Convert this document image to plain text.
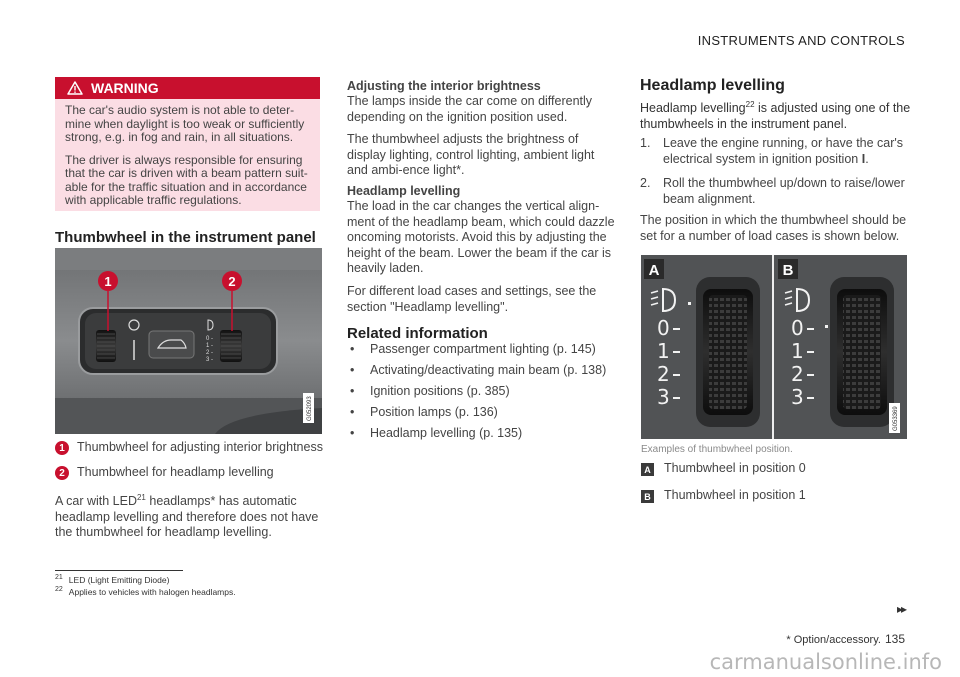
INSTRUMENTS AND CONTROLS
WARNING

The car's audio system is not able to deter-mine when daylight is too weak or sufficiently strong, e.g. in fog and rain, in all situations.

The driver is always responsible for ensuring that the car is driven with a beam pattern suit-able for the traffic situation and in accordance with applicable traffic regulations.

Thumbwheel in the instrument panel
0 -
1 -
2 -
3 -
1	2
G052093
1 Thumbwheel for adjusting interior brightness
2 Thumbwheel for headlamp levelling
A car with LED$^{21}$ headlamps* has automatic headlamp levelling and therefore does not have the thumbwheel for headlamp levelling.
Adjusting the interior brightness
The lamps inside the car come on differently depending on the ignition position used.
The thumbwheel adjusts the brightness of display lighting, control lighting, ambient light and ambi-ence light*.
Headlamp levelling
The load in the car changes the vertical align-ment of the headlamp beam, which could dazzle oncoming motorists. Avoid this by adjusting the height of the beam. Lower the beam if the car is heavily laden.
For different load cases and settings, see the section "Headlamp levelling".
Related information
•	Passenger compartment lighting (p. 145)
•	Activating/deactivating main beam (p. 138)
•	Ignition positions (p. 385)
•	Position lamps (p. 136)
•	Headlamp levelling (p. 135)
Headlamp levelling
Headlamp levelling$^{22}$ is adjusted using one of the thumbwheels in the instrument panel.
1.	Leave the engine running, or have the car's electrical system in ignition position I.
2.	Roll the thumbwheel up/down to raise/lower beam alignment.
The position in which the thumbwheel should be set for a number of load cases is shown below.
A	B
0
1
2
3
0
1
2
3
G053369
Examples of thumbwheel position.
A Thumbwheel in position 0
B Thumbwheel in position 1
$^{21}$ LED (Light Emitting Diode)
$^{22}$ Applies to vehicles with halogen headlamps.
▸▸
* Option/accessory. 135
carmanualsonline.info
